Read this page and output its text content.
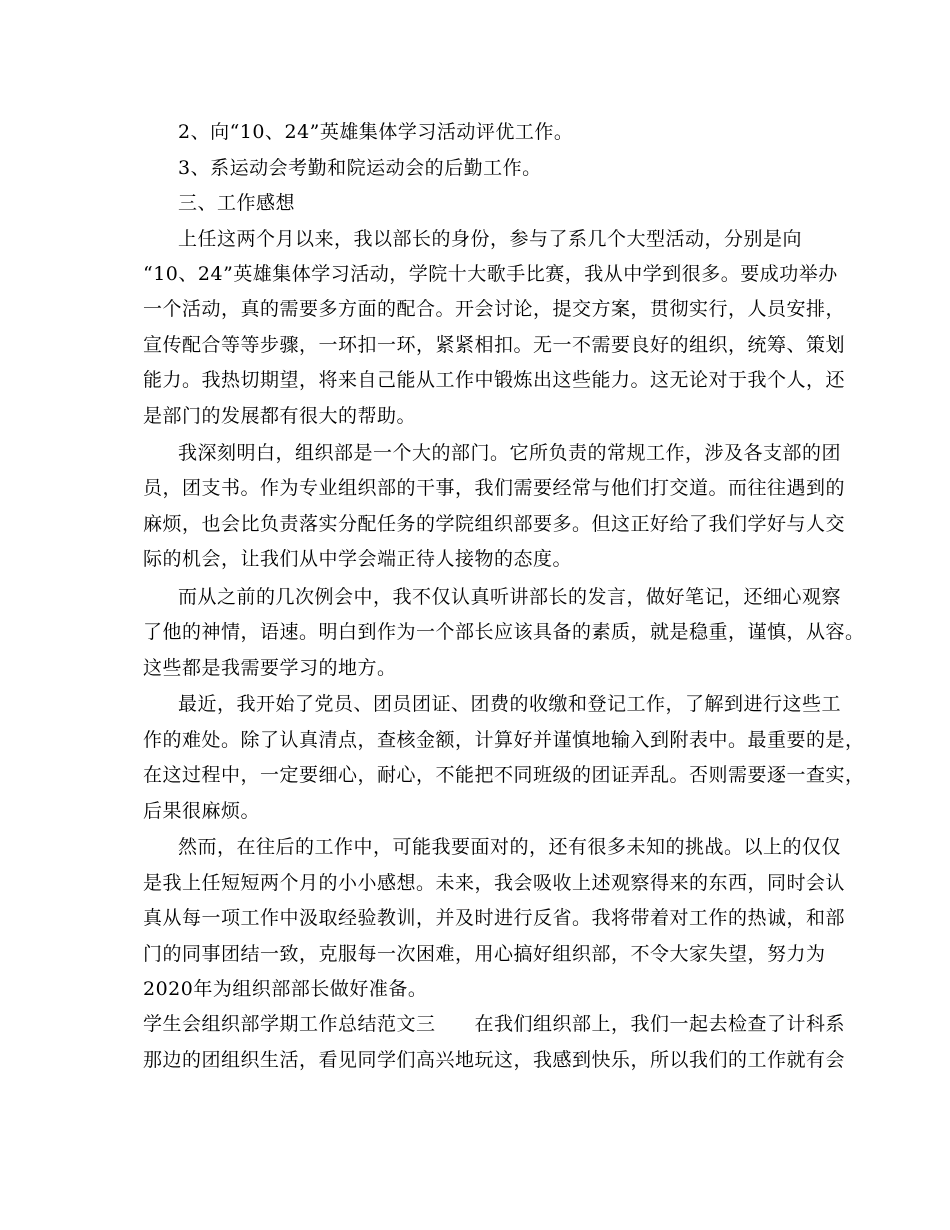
2、向“10、24”英雄集体学习活动评优工作。
3、系运动会考勤和院运动会的后勤工作。
三、工作感想
上任这两个月以来，我以部长的身份，参与了系几个大型活动，分别是向
“10、24”英雄集体学习活动，学院十大歌手比赛，我从中学到很多。要成功举办
一个活动，真的需要多方面的配合。开会讨论，提交方案，贯彻实行，人员安排，
宣传配合等等步骤，一环扣一环，紧紧相扣。无一不需要良好的组织，统筹、策划
能力。我热切期望，将来自己能从工作中锻炼出这些能力。这无论对于我个人，还
是部门的发展都有很大的帮助。
我深刻明白，组织部是一个大的部门。它所负责的常规工作，涉及各支部的团
员，团支书。作为专业组织部的干事，我们需要经常与他们打交道。而往往遇到的
麻烦，也会比负责落实分配任务的学院组织部要多。但这正好给了我们学好与人交
际的机会，让我们从中学会端正待人接物的态度。
而从之前的几次例会中，我不仅认真听讲部长的发言，做好笔记，还细心观察
了他的神情，语速。明白到作为一个部长应该具备的素质，就是稳重，谨慎，从容。
这些都是我需要学习的地方。
最近，我开始了党员、团员团证、团费的收缴和登记工作，了解到进行这些工
作的难处。除了认真清点，查核金额，计算好并谨慎地输入到附表中。最重要的是，
在这过程中，一定要细心，耐心，不能把不同班级的团证弄乱。否则需要逐一查实，
后果很麻烦。
然而，在往后的工作中，可能我要面对的，还有很多未知的挑战。以上的仅仅
是我上任短短两个月的小小感想。未来，我会吸收上述观察得来的东西，同时会认
真从每一项工作中汲取经验教训，并及时进行反省。我将带着对工作的热诚，和部
门的同事团结一致，克服每一次困难，用心搞好组织部，不令大家失望，努力为
2020年为组织部部长做好准备。
学生会组织部学期工作总结范文三　　在我们组织部上，我们一起去检查了计科系
那边的团组织生活，看见同学们高兴地玩这，我感到快乐，所以我们的工作就有会
